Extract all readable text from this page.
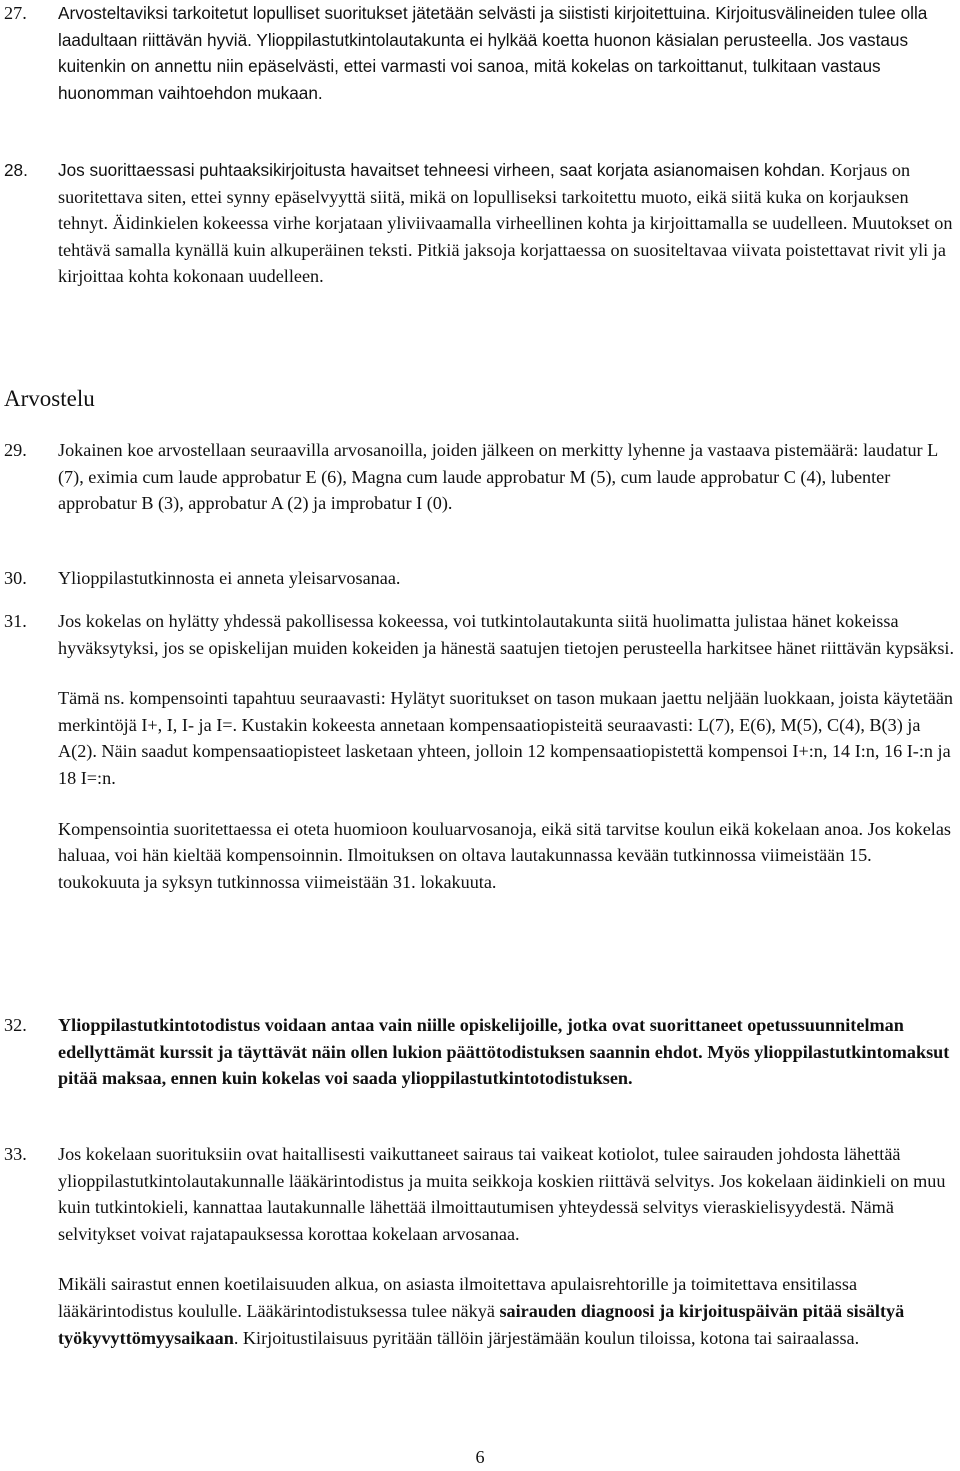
27. Arvosteltaviksi tarkoitetut lopulliset suoritukset jätetään selvästi ja siististi kirjoitettuina. Kirjoitusvälineiden tulee olla laadultaan riittävän hyviä. Ylioppilastutkintolautakunta ei hylkää koetta huonon käsialan perusteella. Jos vastaus kuitenkin on annettu niin epäselvästi, ettei varmasti voi sanoa, mitä kokelas on tarkoittanut, tulkitaan vastaus huonomman vaihtoehdon mukaan.
28. Jos suorittaessasi puhtaaksikirjoitusta havaitset tehneesi virheen, saat korjata asianomaisen kohdan. Korjaus on suoritettava siten, ettei synny epäselvyyttä siitä, mikä on lopulliseksi tarkoitettu muoto, eikä siitä kuka on korjauksen tehnyt. Äidinkielen kokeessa virhe korjataan yliviivaamalla virheellinen kohta ja kirjoittamalla se uudelleen. Muutokset on tehtävä samalla kynällä kuin alkuperäinen teksti. Pitkiä jaksoja korjattaessa on suositeltavaa viivata poistettavat rivit yli ja kirjoittaa kohta kokonaan uudelleen.
Arvostelu
29. Jokainen koe arvostellaan seuraavilla arvosanoilla, joiden jälkeen on merkitty lyhenne ja vastaava pistemäärä: laudatur L (7), eximia cum laude approbatur E (6), Magna cum laude approbatur M (5), cum laude approbatur C (4), lubenter approbatur B (3), approbatur A (2) ja improbatur I (0).
30. Ylioppilastutkinnosta ei anneta yleisarvosanaa.
31. Jos kokelas on hylätty yhdessä pakollisessa kokeessa, voi tutkintolautakunta siitä huolimatta julistaa hänet kokeissa hyväksytyksi, jos se opiskelijan muiden kokeiden ja hänestä saatujen tietojen perusteella harkitsee hänet riittävän kypsäksi.

Tämä ns. kompensointi tapahtuu seuraavasti: Hylätyt suoritukset on tason mukaan jaettu neljään luokkaan, joista käytetään merkintöjä I+, I, I- ja I=. Kustakin kokeesta annetaan kompensaatiopisteitä seuraavasti: L(7), E(6), M(5), C(4), B(3) ja A(2). Näin saadut kompensaatiopisteet lasketaan yhteen, jolloin 12 kompensaatiopistettä kompensoi I+:n, 14 I:n, 16 I-:n ja 18 I=:n.

Kompensointia suoritettaessa ei oteta huomioon kouluarvosanoja, eikä sitä tarvitse koulun eikä kokelaan anoa. Jos kokelas haluaa, voi hän kieltää kompensoinnin. Ilmoituksen on oltava lautakunnassa kevään tutkinnossa viimeistään 15. toukokuuta ja syksyn tutkinnossa viimeistään 31. lokakuuta.

32. Ylioppilastutkintotodistus voidaan antaa vain niille opiskelijoille, jotka ovat suorittaneet opetussuunnitelman edellyttämät kurssit ja täyttävät näin ollen lukion päättötodistuksen saannin ehdot. Myös ylioppilastutkintomaksut pitää maksaa, ennen kuin kokelas voi saada ylioppilastutkintotodistuksen.
33. Jos kokelaan suorituksiin ovat haitallisesti vaikuttaneet sairaus tai vaikeat kotiolot, tulee sairauden johdosta lähettää ylioppilastutkintolautakunnalle lääkärintodistus ja muita seikkoja koskien riittävä selvitys. Jos kokelaan äidinkieli on muu kuin tutkintokieli, kannattaa lautakunnalle lähettää ilmoittautumisen yhteydessä selvitys vieraskielisyydestä. Nämä selvitykset voivat rajatapauksessa korottaa kokelaan arvosanaa.

Mikäli sairastut ennen koetilaisuuden alkua, on asiasta ilmoitettava apulaisrehtorille ja toimitettava ensitilassa lääkärintodistus koululle. Lääkärintodistuksessa tulee näkyä sairauden diagnoosi ja kirjoituspäivän pitää sisältyä työkyvyttömyysaikaan. Kirjoitustilaisuus pyritään tällöin järjestämään koulun tiloissa, kotona tai sairaalassa.

6
